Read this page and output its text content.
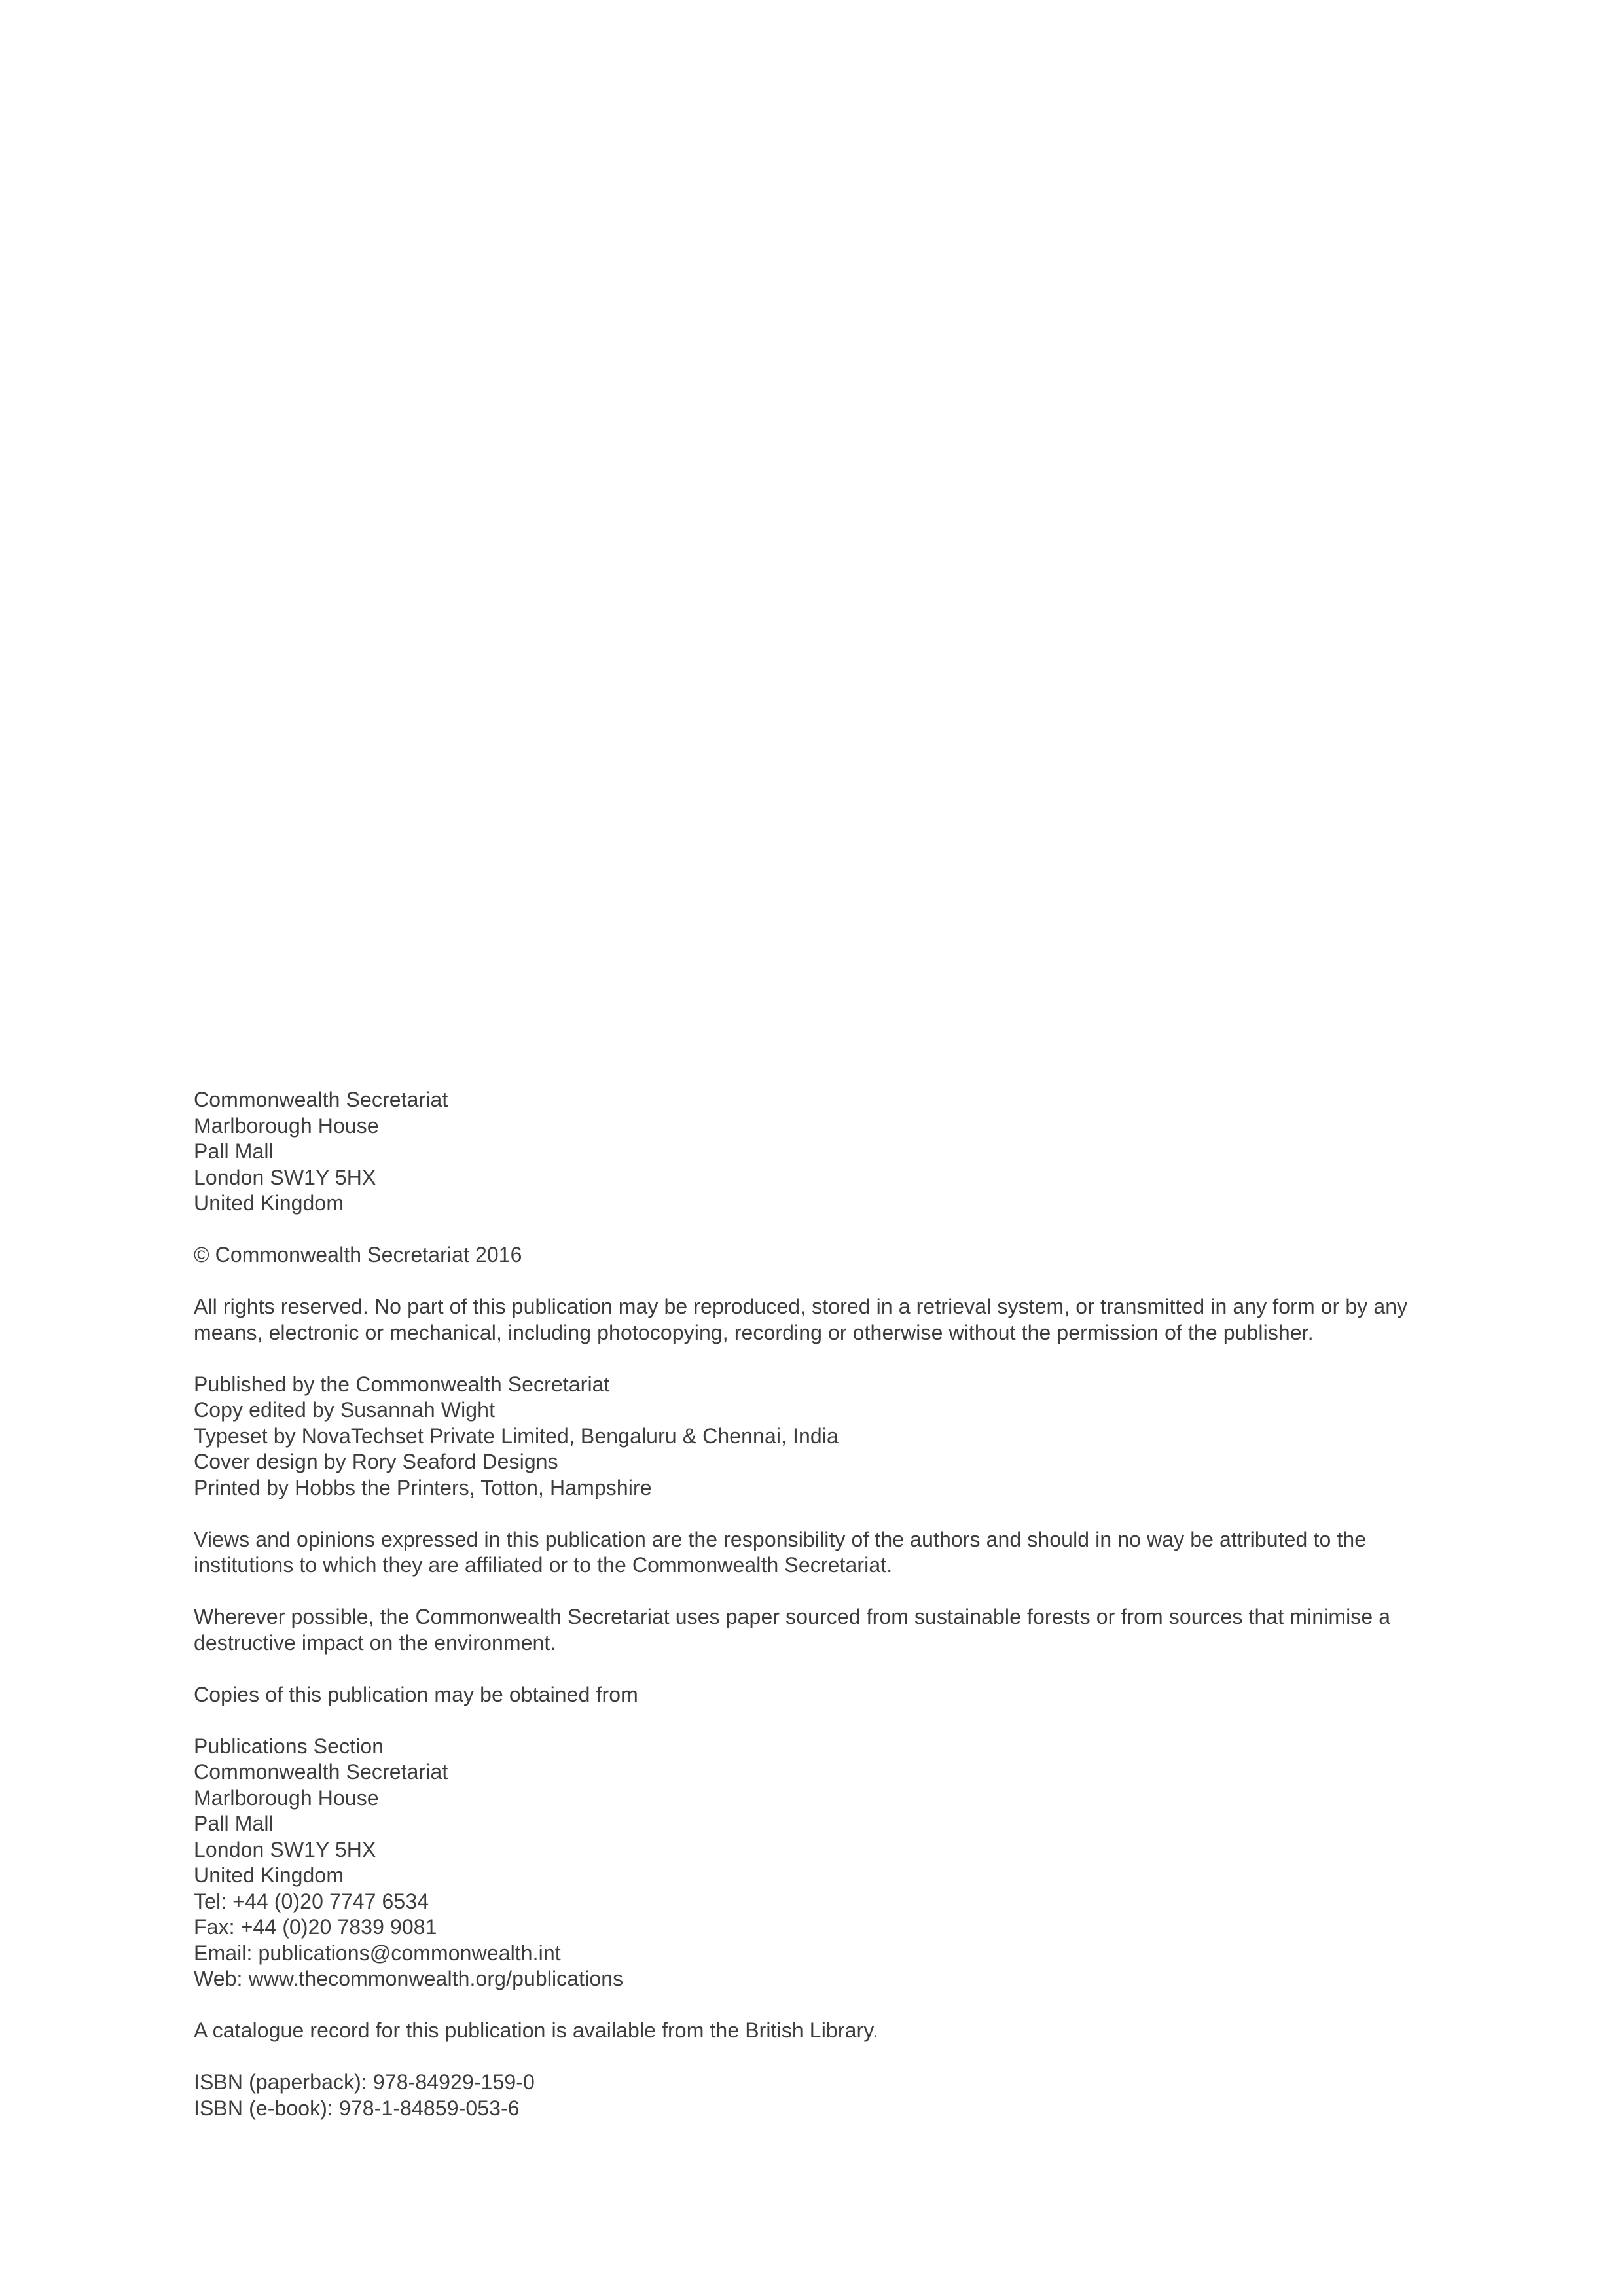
Commonwealth Secretariat
Marlborough House
Pall Mall
London SW1Y 5HX
United Kingdom
© Commonwealth Secretariat 2016
All rights reserved. No part of this publication may be reproduced, stored in a retrieval system, or transmitted in any form or by any
means, electronic or mechanical, including photocopying, recording or otherwise without the permission of the publisher.
Published by the Commonwealth Secretariat
Copy edited by Susannah Wight
Typeset by NovaTechset Private Limited, Bengaluru & Chennai, India
Cover design by Rory Seaford Designs
Printed by Hobbs the Printers, Totton, Hampshire
Views and opinions expressed in this publication are the responsibility of the authors and should in no way be attributed to the
institutions to which they are affiliated or to the Commonwealth Secretariat.
Wherever possible, the Commonwealth Secretariat uses paper sourced from sustainable forests or from sources that minimise a
destructive impact on the environment.
Copies of this publication may be obtained from
Publications Section
Commonwealth Secretariat
Marlborough House
Pall Mall
London SW1Y 5HX
United Kingdom
Tel: +44 (0)20 7747 6534
Fax: +44 (0)20 7839 9081
Email: publications@commonwealth.int
Web: www.thecommonwealth.org/publications
A catalogue record for this publication is available from the British Library.
ISBN (paperback): 978-84929-159-0
ISBN (e-book): 978-1-84859-053-6
